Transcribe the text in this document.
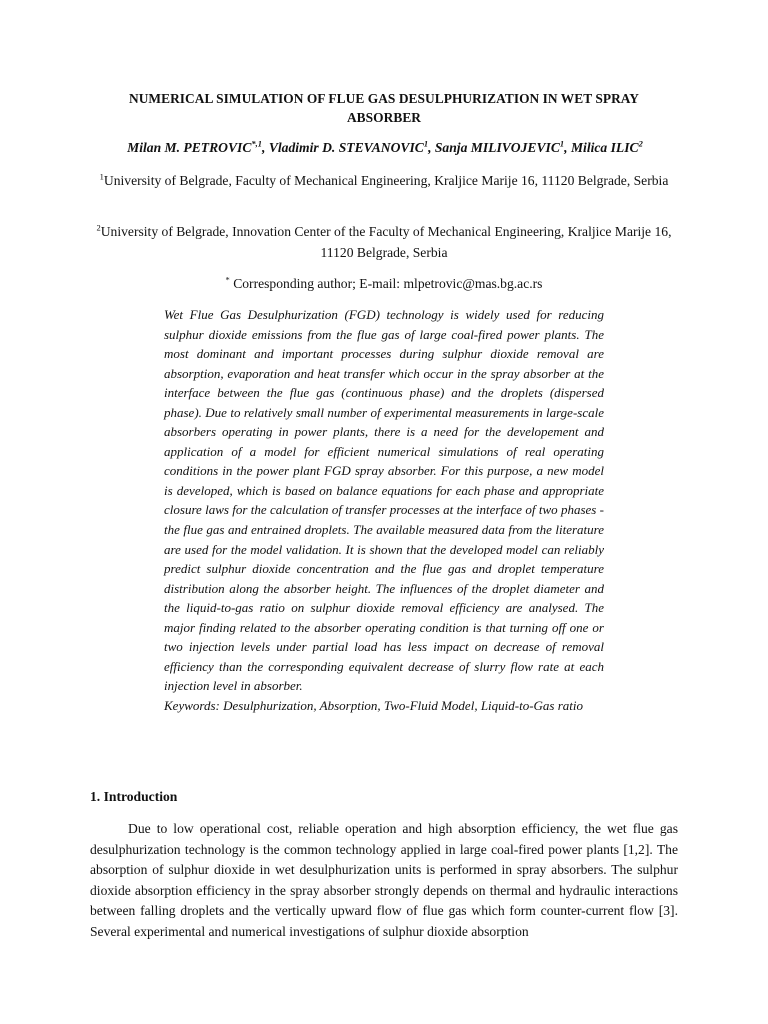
NUMERICAL SIMULATION OF FLUE GAS DESULPHURIZATION IN WET SPRAY ABSORBER
Milan M. $PETROVIC^{*,1}$, Vladimir D. STEVANOVIC$^1$, Sanja MILIVOJEVIC$^1$, Milica ILIC$^2$
$^1$University of Belgrade, Faculty of Mechanical Engineering, Kraljice Marije 16, 11120 Belgrade, Serbia
$^2$University of Belgrade, Innovation Center of the Faculty of Mechanical Engineering, Kraljice Marije 16, 11120 Belgrade, Serbia
* Corresponding author; E-mail: mlpetrovic@mas.bg.ac.rs

Wet Flue Gas Desulphurization (FGD) technology is widely used for reducing sulphur dioxide emissions from the flue gas of large coal-fired power plants. The most dominant and important processes during sulphur dioxide removal are absorption, evaporation and heat transfer which occur in the spray absorber at the interface between the flue gas (continuous phase) and the droplets (dispersed phase). Due to relatively small number of experimental measurements in large-scale absorbers operating in power plants, there is a need for the developement and application of a model for efficient numerical simulations of real operating conditions in the power plant FGD spray absorber. For this purpose, a new model is developed, which is based on balance equations for each phase and appropriate closure laws for the calculation of transfer processes at the interface of two phases - the flue gas and entrained droplets. The available measured data from the literature are used for the model validation. It is shown that the developed model can reliably predict sulphur dioxide concentration and the flue gas and droplet temperature distribution along the absorber height. The influences of the droplet diameter and the liquid-to-gas ratio on sulphur dioxide removal efficiency are analysed. The major finding related to the absorber operating condition is that turning off one or two injection levels under partial load has less impact on decrease of removal efficiency than the corresponding equivalent decrease of slurry flow rate at each injection level in absorber.

Keywords: Desulphurization, Absorption, Two-Fluid Model, Liquid-to-Gas ratio

1. Introduction
Due to low operational cost, reliable operation and high absorption efficiency, the wet flue gas desulphurization technology is the common technology applied in large coal-fired power plants [1,2]. The absorption of sulphur dioxide in wet desulphurization units is performed in spray absorbers. The sulphur dioxide absorption efficiency in the spray absorber strongly depends on thermal and hydraulic interactions between falling droplets and the vertically upward flow of flue gas which form counter-current flow [3]. Several experimental and numerical investigations of sulphur dioxide absorption
